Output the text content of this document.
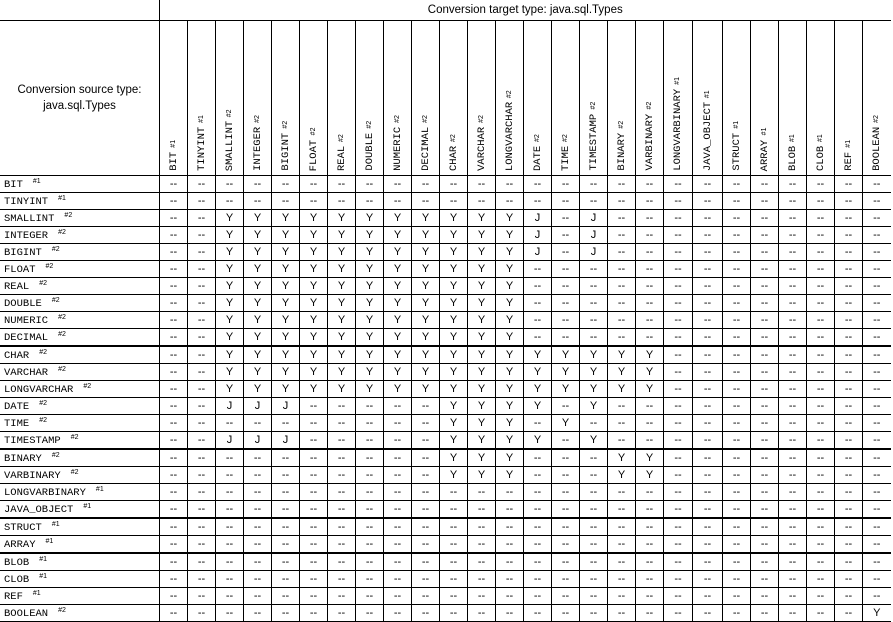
	Conversion target type: java.sql.Types																									
Conversion source type:
java.sql.Types	BIT#1	TINYINT#1	SMALLINT#2	INTEGER#2	BIGINT#2	FLOAT#2	REAL#2	DOUBLE#2	NUMERIC#2	DECIMAL#2	CHAR#2	VARCHAR#2	LONGVARCHAR#2	DATE#2	TIME#2	TIMESTAMP#2	BINARY#2	VARBINARY#2	LONGVARBINARY#1	JAVA_OBJECT#1	STRUCT#1	ARRAY#1	BLOB#1	CLOB#1	REF#1	BOOLEAN#2

BIT $^{\#1}$	--	--	--	--	--	--	--	--	--	--	--	--	--	--	--	--	--	--	--	--	--	--	--	--	--	--
TINYINT $^{\#1}$	--	--	--	--	--	--	--	--	--	--	--	--	--	--	--	--	--	--	--	--	--	--	--	--	--	--
SMALLINT $^{\#2}$	--	--	Y	Y	Y	Y	Y	Y	Y	Y	Y	Y	Y	J	--	J	--	--	--	--	--	--	--	--	--	--
INTEGER $^{\#2}$	--	--	Y	Y	Y	Y	Y	Y	Y	Y	Y	Y	Y	J	--	J	--	--	--	--	--	--	--	--	--	--
BIGINT $^{\#2}$	--	--	Y	Y	Y	Y	Y	Y	Y	Y	Y	Y	Y	J	--	J	--	--	--	--	--	--	--	--	--	--
FLOAT $^{\#2}$	--	--	Y	Y	Y	Y	Y	Y	Y	Y	Y	Y	Y	--	--	--	--	--	--	--	--	--	--	--	--	--
REAL $^{\#2}$	--	--	Y	Y	Y	Y	Y	Y	Y	Y	Y	Y	Y	--	--	--	--	--	--	--	--	--	--	--	--	--
DOUBLE $^{\#2}$	--	--	Y	Y	Y	Y	Y	Y	Y	Y	Y	Y	Y	--	--	--	--	--	--	--	--	--	--	--	--	--
NUMERIC $^{\#2}$	--	--	Y	Y	Y	Y	Y	Y	Y	Y	Y	Y	Y	--	--	--	--	--	--	--	--	--	--	--	--	--
DECIMAL $^{\#2}$	--	--	Y	Y	Y	Y	Y	Y	Y	Y	Y	Y	Y	--	--	--	--	--	--	--	--	--	--	--	--	--
CHAR $^{\#2}$	--	--	Y	Y	Y	Y	Y	Y	Y	Y	Y	Y	Y	Y	Y	Y	Y	Y	--	--	--	--	--	--	--	--
VARCHAR $^{\#2}$	--	--	Y	Y	Y	Y	Y	Y	Y	Y	Y	Y	Y	Y	Y	Y	Y	Y	--	--	--	--	--	--	--	--
LONGVARCHAR $^{\#2}$	--	--	Y	Y	Y	Y	Y	Y	Y	Y	Y	Y	Y	Y	Y	Y	Y	Y	--	--	--	--	--	--	--	--
DATE $^{\#2}$	--	--	J	J	J	--	--	--	--	--	Y	Y	Y	Y	--	Y	--	--	--	--	--	--	--	--	--	--
TIME $^{\#2}$	--	--	--	--	--	--	--	--	--	--	Y	Y	Y	--	Y	--	--	--	--	--	--	--	--	--	--	--
TIMESTAMP $^{\#2}$	--	--	J	J	J	--	--	--	--	--	Y	Y	Y	Y	--	Y	--	--	--	--	--	--	--	--	--	--
BINARY $^{\#2}$	--	--	--	--	--	--	--	--	--	--	Y	Y	Y	--	--	--	Y	Y	--	--	--	--	--	--	--	--
VARBINARY $^{\#2}$	--	--	--	--	--	--	--	--	--	--	Y	Y	Y	--	--	--	Y	Y	--	--	--	--	--	--	--	--
LONGVARBINARY $^{\#1}$	--	--	--	--	--	--	--	--	--	--	--	--	--	--	--	--	--	--	--	--	--	--	--	--	--	--
JAVA_OBJECT $^{\#1}$	--	--	--	--	--	--	--	--	--	--	--	--	--	--	--	--	--	--	--	--	--	--	--	--	--	--
STRUCT $^{\#1}$	--	--	--	--	--	--	--	--	--	--	--	--	--	--	--	--	--	--	--	--	--	--	--	--	--	--
ARRAY $^{\#1}$	--	--	--	--	--	--	--	--	--	--	--	--	--	--	--	--	--	--	--	--	--	--	--	--	--	--
BLOB $^{\#1}$	--	--	--	--	--	--	--	--	--	--	--	--	--	--	--	--	--	--	--	--	--	--	--	--	--	--
CLOB $^{\#1}$	--	--	--	--	--	--	--	--	--	--	--	--	--	--	--	--	--	--	--	--	--	--	--	--	--	--
REF $^{\#1}$	--	--	--	--	--	--	--	--	--	--	--	--	--	--	--	--	--	--	--	--	--	--	--	--	--	--
BOOLEAN $^{\#2}$	--	--	--	--	--	--	--	--	--	--	--	--	--	--	--	--	--	--	--	--	--	--	--	--	--	Y
